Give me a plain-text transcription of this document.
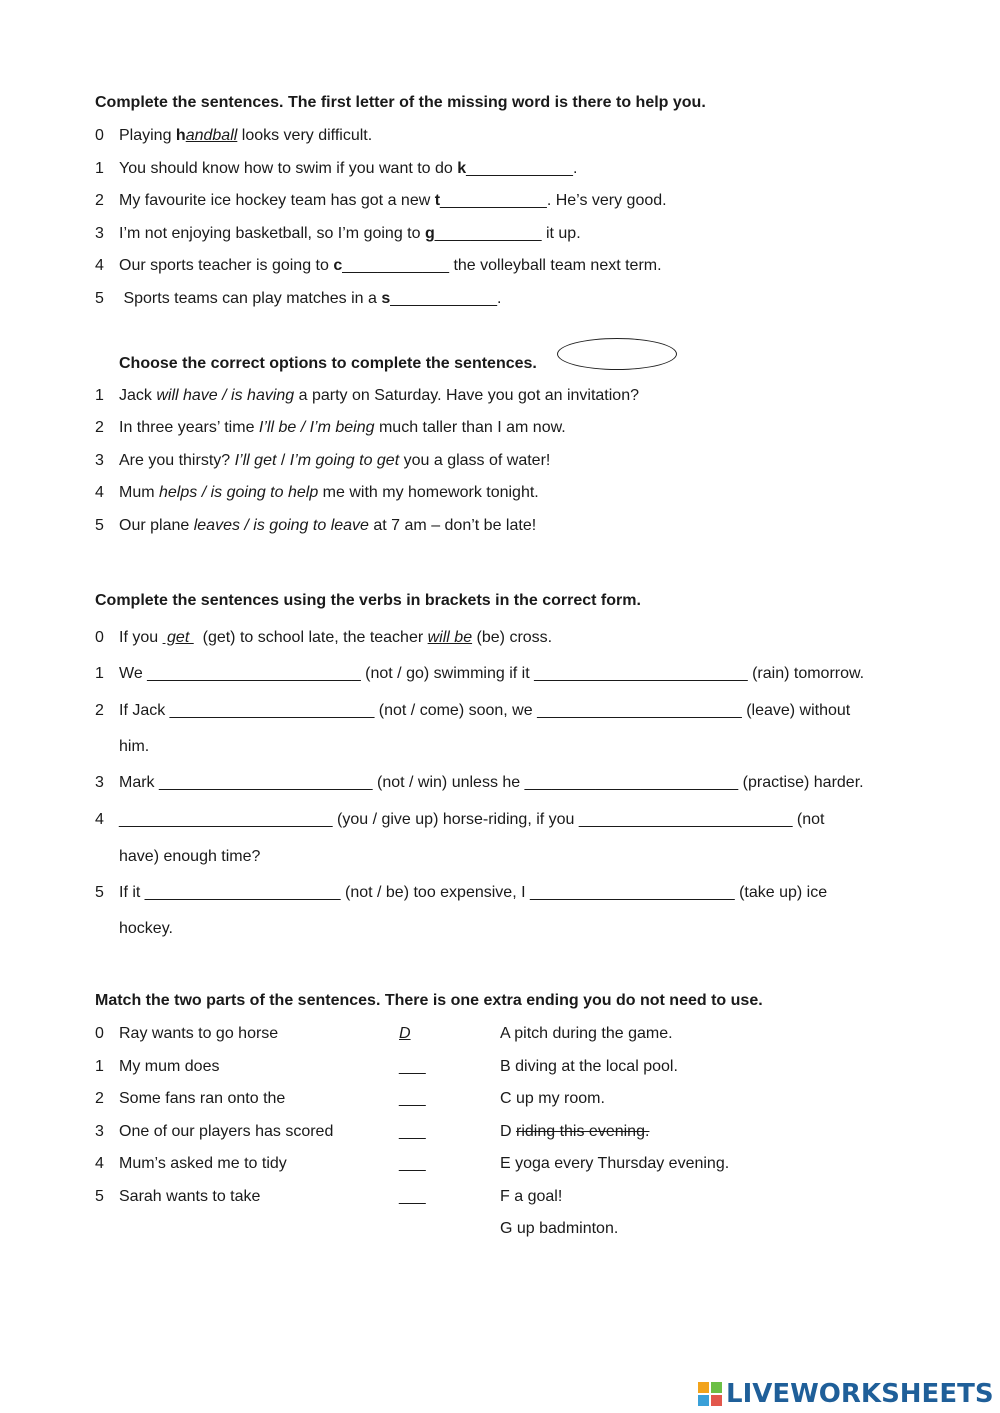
Complete the sentences. The first letter of the missing word is there to help you.
0 Playing handball looks very difficult.
1 You should know how to swim if you want to do k____________.
2 My favourite ice hockey team has got a new t____________. He’s very good.
3 I’m not enjoying basketball, so I’m going to g____________ it up.
4 Our sports teacher is going to c____________ the volleyball team next term.
5 Sports teams can play matches in a s____________.
Choose the correct options to complete the sentences.
1 Jack will have / is having a party on Saturday. Have you got an invitation?
2 In three years’ time I’ll be / I’m being much taller than I am now.
3 Are you thirsty? I’ll get / I’m going to get you a glass of water!
4 Mum helps / is going to help me with my homework tonight.
5 Our plane leaves / is going to leave at 7 am – don’t be late!
Complete the sentences using the verbs in brackets in the correct form.
0 If you  get   (get) to school late, the teacher will be (be) cross.
1 We ________________________ (not / go) swimming if it ________________________ (rain) tomorrow.
2 If Jack _______________________ (not / come) soon, we _______________________ (leave) without
him.
3 Mark ________________________ (not / win) unless he ________________________ (practise) harder.
4 ________________________ (you / give up) horse-riding, if you ________________________ (not
have) enough time?
5 If it ______________________ (not / be) too expensive, I _______________________ (take up) ice
hockey.
Match the two parts of the sentences. There is one extra ending you do not need to use.
0 Ray wants to go horse	D	A pitch during the game.
1 My mum does	___	B diving at the local pool.
2 Some fans ran onto the	___	C up my room.
3 One of our players has scored	___	D riding this evening.
4 Mum’s asked me to tidy	___	E yoga every Thursday evening.
5 Sarah wants to take	___	F a goal!
G up badminton.
LIVEWORKSHEETS
